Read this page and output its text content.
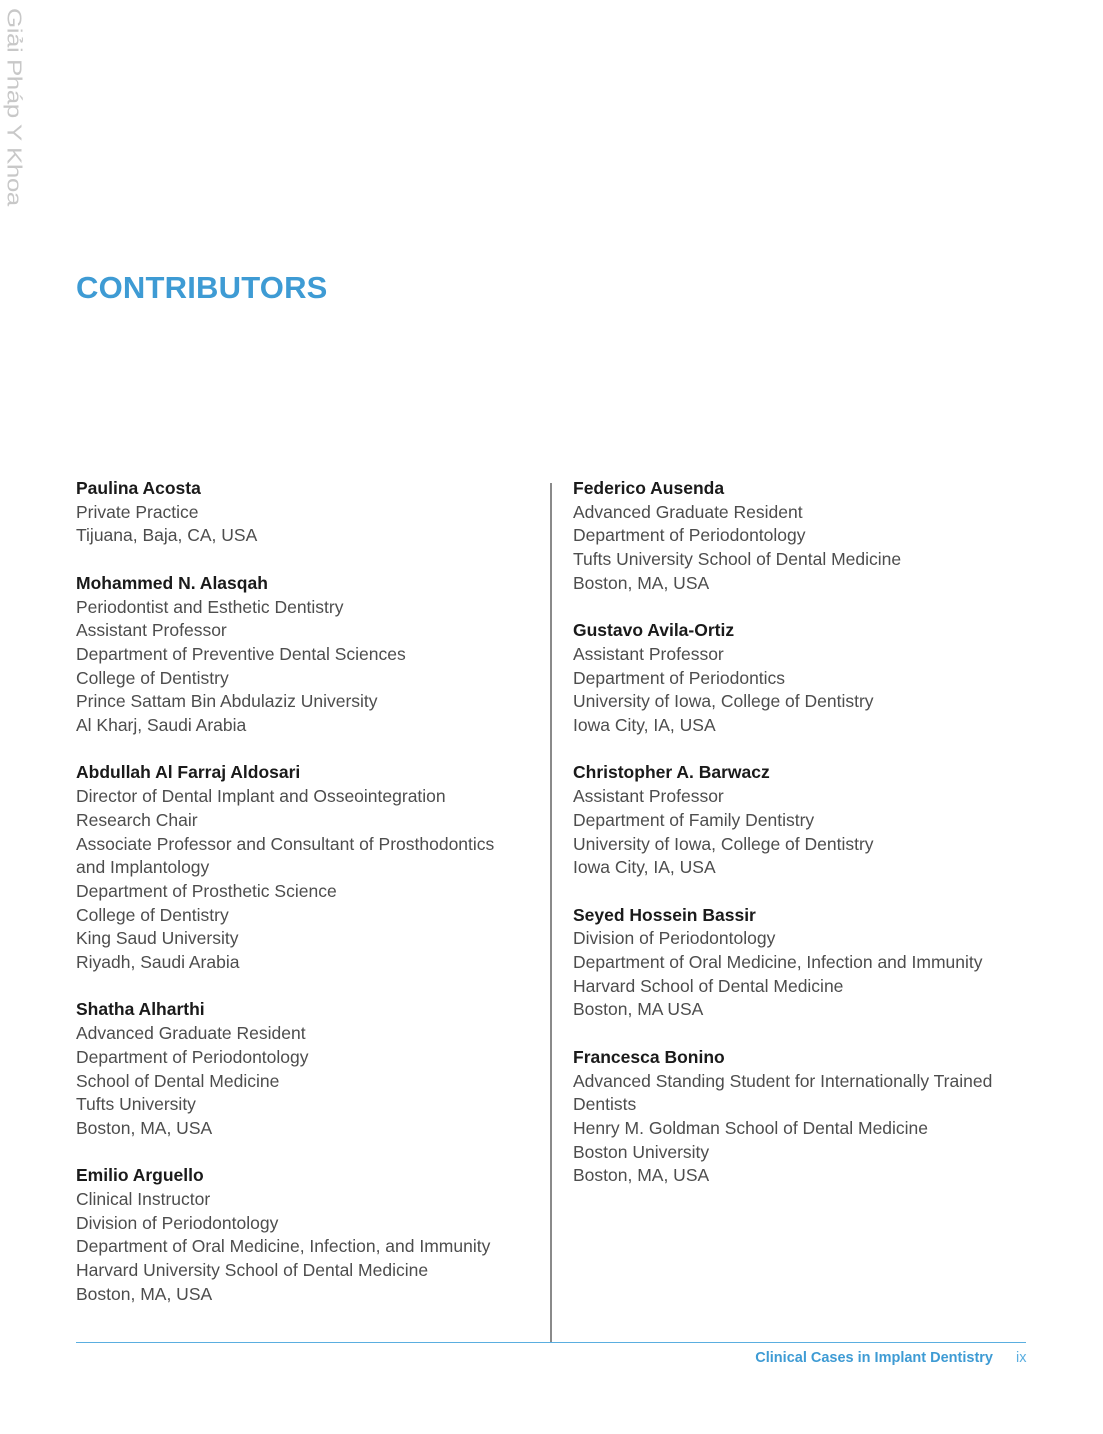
Giải Pháp Y Khoa
CONTRIBUTORS
Paulina Acosta
Private Practice
Tijuana, Baja, CA, USA
Mohammed N. Alasqah
Periodontist and Esthetic Dentistry
Assistant Professor
Department of Preventive Dental Sciences
College of Dentistry
Prince Sattam Bin Abdulaziz University
Al Kharj, Saudi Arabia
Abdullah Al Farraj Aldosari
Director of Dental Implant and Osseointegration
Research Chair
Associate Professor and Consultant of Prosthodontics
and Implantology
Department of Prosthetic Science
College of Dentistry
King Saud University
Riyadh, Saudi Arabia
Shatha Alharthi
Advanced Graduate Resident
Department of Periodontology
School of Dental Medicine
Tufts University
Boston, MA, USA
Emilio Arguello
Clinical Instructor
Division of Periodontology
Department of Oral Medicine, Infection, and Immunity
Harvard University School of Dental Medicine
Boston, MA, USA
Federico Ausenda
Advanced Graduate Resident
Department of Periodontology
Tufts University School of Dental Medicine
Boston, MA, USA
Gustavo Avila-Ortiz
Assistant Professor
Department of Periodontics
University of Iowa, College of Dentistry
Iowa City, IA, USA
Christopher A. Barwacz
Assistant Professor
Department of Family Dentistry
University of Iowa, College of Dentistry
Iowa City, IA, USA
Seyed Hossein Bassir
Division of Periodontology
Department of Oral Medicine, Infection and Immunity
Harvard School of Dental Medicine
Boston, MA USA
Francesca Bonino
Advanced Standing Student for Internationally Trained
Dentists
Henry M. Goldman School of Dental Medicine
Boston University
Boston, MA, USA
Clinical Cases in Implant Dentistry ix
